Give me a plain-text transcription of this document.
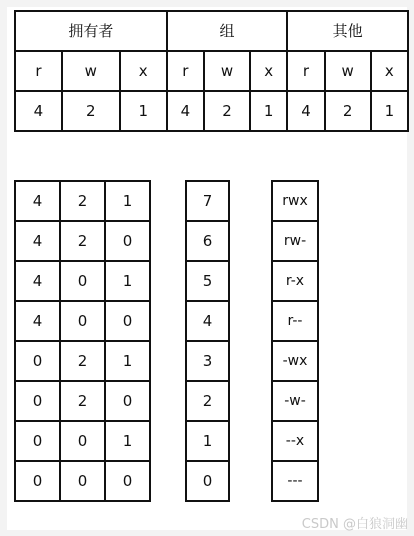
拥有者			组			其他		
r	w	x	r	w	x	r	w	x
4	2	1	4	2	1	4	2	1
4	2	1
4	2	0
4	0	1
4	0	0
0	2	1
0	2	0
0	0	1
0	0	0
7
6
5
4
3
2
1
0
rwx
rw-
r-x
r--
-wx
-w-
--x
---
CSDN @白狼洞幽
